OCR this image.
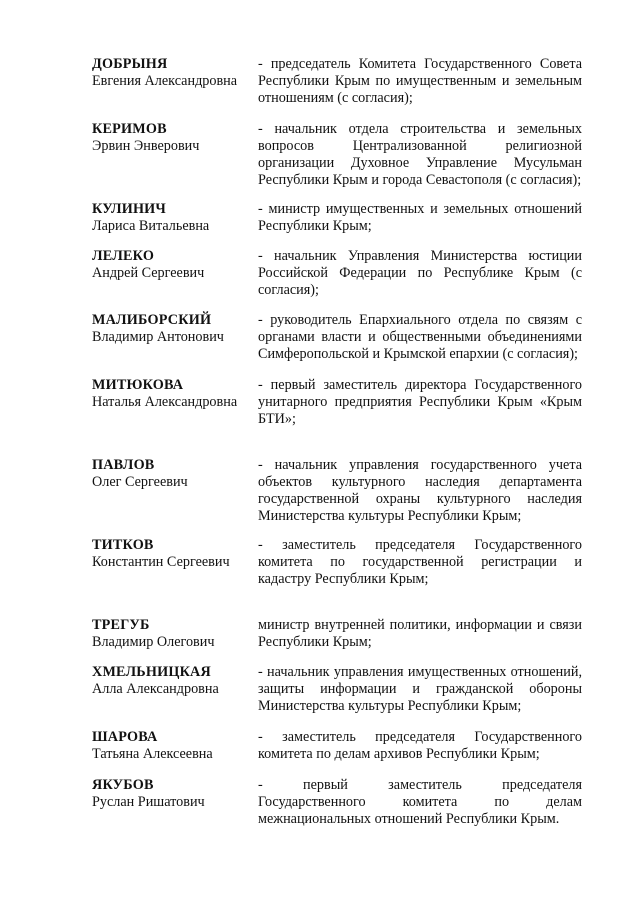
ДОБРЫНЯ
Евгения Александровна
- председатель Комитета Государственного Совета Республики Крым по имущественным и земельным отношениям (с согласия);
КЕРИМОВ
Эрвин Энверович
- начальник отдела строительства и земельных вопросов Централизованной религиозной организации Духовное Управление Мусульман Республики Крым и города Севастополя (с согласия);
КУЛИНИЧ
Лариса Витальевна
- министр имущественных и земельных отношений Республики Крым;
ЛЕЛЕКО
Андрей Сергеевич
- начальник Управления Министерства юстиции Российской Федерации по Республике Крым (с согласия);
МАЛИБОРСКИЙ
Владимир Антонович
- руководитель Епархиального отдела по связям с органами власти и общественными объединениями Симферопольской и Крымской епархии (с согласия);
МИТЮКОВА
Наталья Александровна
- первый заместитель директора Государственного унитарного предприятия Республики Крым «Крым БТИ»;
ПАВЛОВ
Олег Сергеевич
- начальник управления государственного учета объектов культурного наследия департамента государственной охраны культурного наследия Министерства культуры Республики Крым;
ТИТКОВ
Константин Сергеевич
- заместитель председателя Государственного комитета по государственной регистрации и кадастру Республики Крым;
ТРЕГУБ
Владимир Олегович
министр внутренней политики, информации и связи Республики Крым;
ХМЕЛЬНИЦКАЯ
Алла Александровна
- начальник управления имущественных отношений, защиты информации и гражданской обороны Министерства культуры Республики Крым;
ШАРОВА
Татьяна Алексеевна
- заместитель председателя Государственного комитета по делам архивов Республики Крым;
ЯКУБОВ
Руслан Ришатович
- первый заместитель председателя Государственного комитета по делам межнациональных отношений Республики Крым.
